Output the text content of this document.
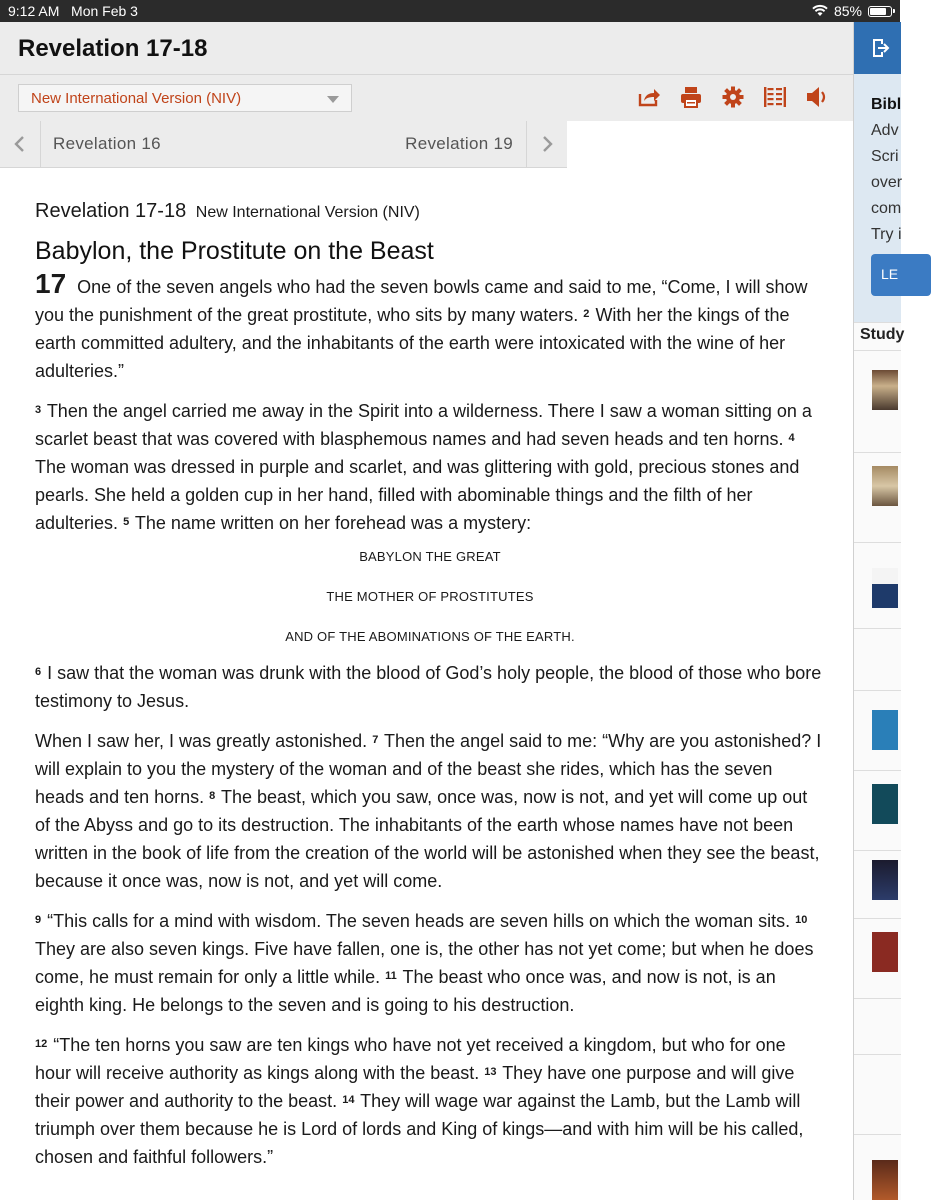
9:12 AM Mon Feb 3	85%
Revelation 17-18
New International Version (NIV)
Revelation 16	Revelation 19
Revelation 17-18 New International Version (NIV)
Babylon, the Prostitute on the Beast

17 One of the seven angels who had the seven bowls came and said to me, “Come, I will show you the punishment of the great prostitute, who sits by many waters. $^2$ With her the kings of the earth committed adultery, and the inhabitants of the earth were intoxicated with the wine of her adulteries.”

$^3$ Then the angel carried me away in the Spirit into a wilderness. There I saw a woman sitting on a scarlet beast that was covered with blasphemous names and had seven heads and ten horns. $^4$ The woman was dressed in purple and scarlet, and was glittering with gold, precious stones and pearls. She held a golden cup in her hand, filled with abominable things and the filth of her adulteries. $^5$ The name written on her forehead was a mystery:

BABYLON THE GREAT
THE MOTHER OF PROSTITUTES
AND OF THE ABOMINATIONS OF THE EARTH.

$^6$ I saw that the woman was drunk with the blood of God’s holy people, the blood of those who bore testimony to Jesus.

When I saw her, I was greatly astonished. $^7$ Then the angel said to me: “Why are you astonished? I will explain to you the mystery of the woman and of the beast she rides, which has the seven heads and ten horns. $^8$ The beast, which you saw, once was, now is not, and yet will come up out of the Abyss and go to its destruction. The inhabitants of the earth whose names have not been written in the book of life from the creation of the world will be astonished when they see the beast, because it once was, now is not, and yet will come.

$^9$ “This calls for a mind with wisdom. The seven heads are seven hills on which the woman sits. $^{10}$ They are also seven kings. Five have fallen, one is, the other has not yet come; but when he does come, he must remain for only a little while. $^{11}$ The beast who once was, and now is not, is an eighth king. He belongs to the seven and is going to his destruction.

$^{12}$ “The ten horns you saw are ten kings who have not yet received a kingdom, but who for one hour will receive authority as kings along with the beast. $^{13}$ They have one purpose and will give their power and authority to the beast. $^{14}$ They will wage war against the Lamb, but the Lamb will triumph over them because he is Lord of lords and King of kings—and with him will be his called, chosen and faithful followers.”

Bibl
Adv
Scri
over
com
Try i
LE
Study
